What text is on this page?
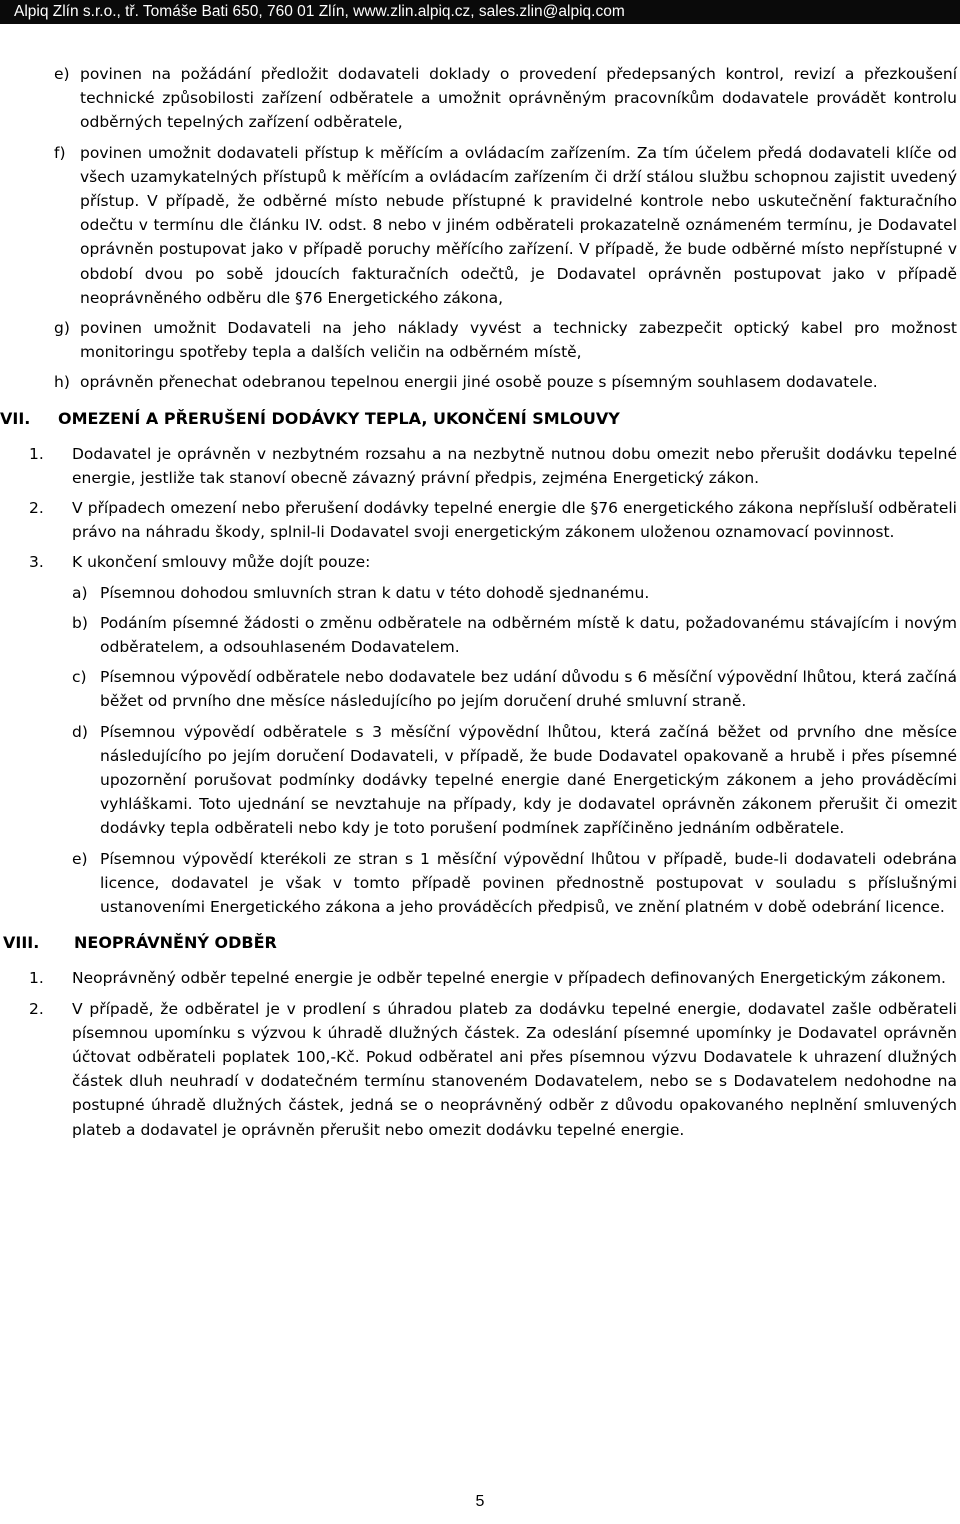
Alpiq Zlín s.r.o., tř. Tomáše Bati 650, 760 01 Zlín, www.zlin.alpiq.cz, sales.zlin@alpiq.com
e) povinen na požádání předložit dodavateli doklady o provedení předepsaných kontrol, revizí a přezkoušení technické způsobilosti zařízení odběratele a umožnit oprávněným pracovníkům dodavatele provádět kontrolu odběrných tepelných zařízení odběratele,

f) povinen umožnit dodavateli přístup k měřícím a ovládacím zařízením. Za tím účelem předá dodavateli klíče od všech uzamykatelných přístupů k měřícím a ovládacím zařízením či drží stálou službu schopnou zajistit uvedený přístup. V případě, že odběrné místo nebude přístupné k pravidelné kontrole nebo uskutečnění fakturačního odečtu v termínu dle článku IV. odst. 8 nebo v jiném odběrateli prokazatelně oznámeném termínu, je Dodavatel oprávněn postupovat jako v případě poruchy měřícího zařízení. V případě, že bude odběrné místo nepřístupné v období dvou po sobě jdoucích fakturačních odečtů, je Dodavatel oprávněn postupovat jako v případě neoprávněného odběru dle §76 Energetického zákona,

g) povinen umožnit Dodavateli na jeho náklady vyvést a technicky zabezpečit optický kabel pro možnost monitoringu spotřeby tepla a dalších veličin na odběrném místě,

h) oprávněn přenechat odebranou tepelnou energii jiné osobě pouze s písemným souhlasem dodavatele.

VII. OMEZENÍ A PŘERUŠENÍ DODÁVKY TEPLA, UKONČENÍ SMLOUVY
1. Dodavatel je oprávněn v nezbytném rozsahu a na nezbytně nutnou dobu omezit nebo přerušit dodávku tepelné energie, jestliže tak stanoví obecně závazný právní předpis, zejména Energetický zákon.

2. V případech omezení nebo přerušení dodávky tepelné energie dle §76 energetického zákona nepřísluší odběrateli právo na náhradu škody, splnil-li Dodavatel svoji energetickým zákonem uloženou oznamovací povinnost.

3. K ukončení smlouvy může dojít pouze:

a) Písemnou dohodou smluvních stran k datu v této dohodě sjednanému.

b) Podáním písemné žádosti o změnu odběratele na odběrném místě k datu, požadovanému stávajícím i novým odběratelem, a odsouhlaseném Dodavatelem.

c) Písemnou výpovědí odběratele nebo dodavatele bez udání důvodu s 6 měsíční výpovědní lhůtou, která začíná běžet od prvního dne měsíce následujícího po jejím doručení druhé smluvní straně.

d) Písemnou výpovědí odběratele s 3 měsíční výpovědní lhůtou, která začíná běžet od prvního dne měsíce následujícího po jejím doručení Dodavateli, v případě, že bude Dodavatel opakovaně a hrubě i přes písemné upozornění porušovat podmínky dodávky tepelné energie dané Energetickým zákonem a jeho prováděcími vyhláškami. Toto ujednání se nevztahuje na případy, kdy je dodavatel oprávněn zákonem přerušit či omezit dodávky tepla odběrateli nebo kdy je toto porušení podmínek zapříčiněno jednáním odběratele.

e) Písemnou výpovědí kterékoli ze stran s 1 měsíční výpovědní lhůtou v případě, bude-li dodavateli odebrána licence, dodavatel je však v tomto případě povinen přednostně postupovat v souladu s příslušnými ustanoveními Energetického zákona a jeho prováděcích předpisů, ve znění platném v době odebrání licence.

VIII. NEOPRÁVNĚNÝ ODBĚR
1. Neoprávněný odběr tepelné energie je odběr tepelné energie v případech definovaných Energetickým zákonem.

2. V případě, že odběratel je v prodlení s úhradou plateb za dodávku tepelné energie, dodavatel zašle odběrateli písemnou upomínku s výzvou k úhradě dlužných částek. Za odeslání písemné upomínky je Dodavatel oprávněn účtovat odběrateli poplatek 100,-Kč. Pokud odběratel ani přes písemnou výzvu Dodavatele k uhrazení dlužných částek dluh neuhradí v dodatečném termínu stanoveném Dodavatelem, nebo se s Dodavatelem nedohodne na postupné úhradě dlužných částek, jedná se o neoprávněný odběr z důvodu opakovaného neplnění smluvených plateb a dodavatel je oprávněn přerušit nebo omezit dodávku tepelné energie.

5
